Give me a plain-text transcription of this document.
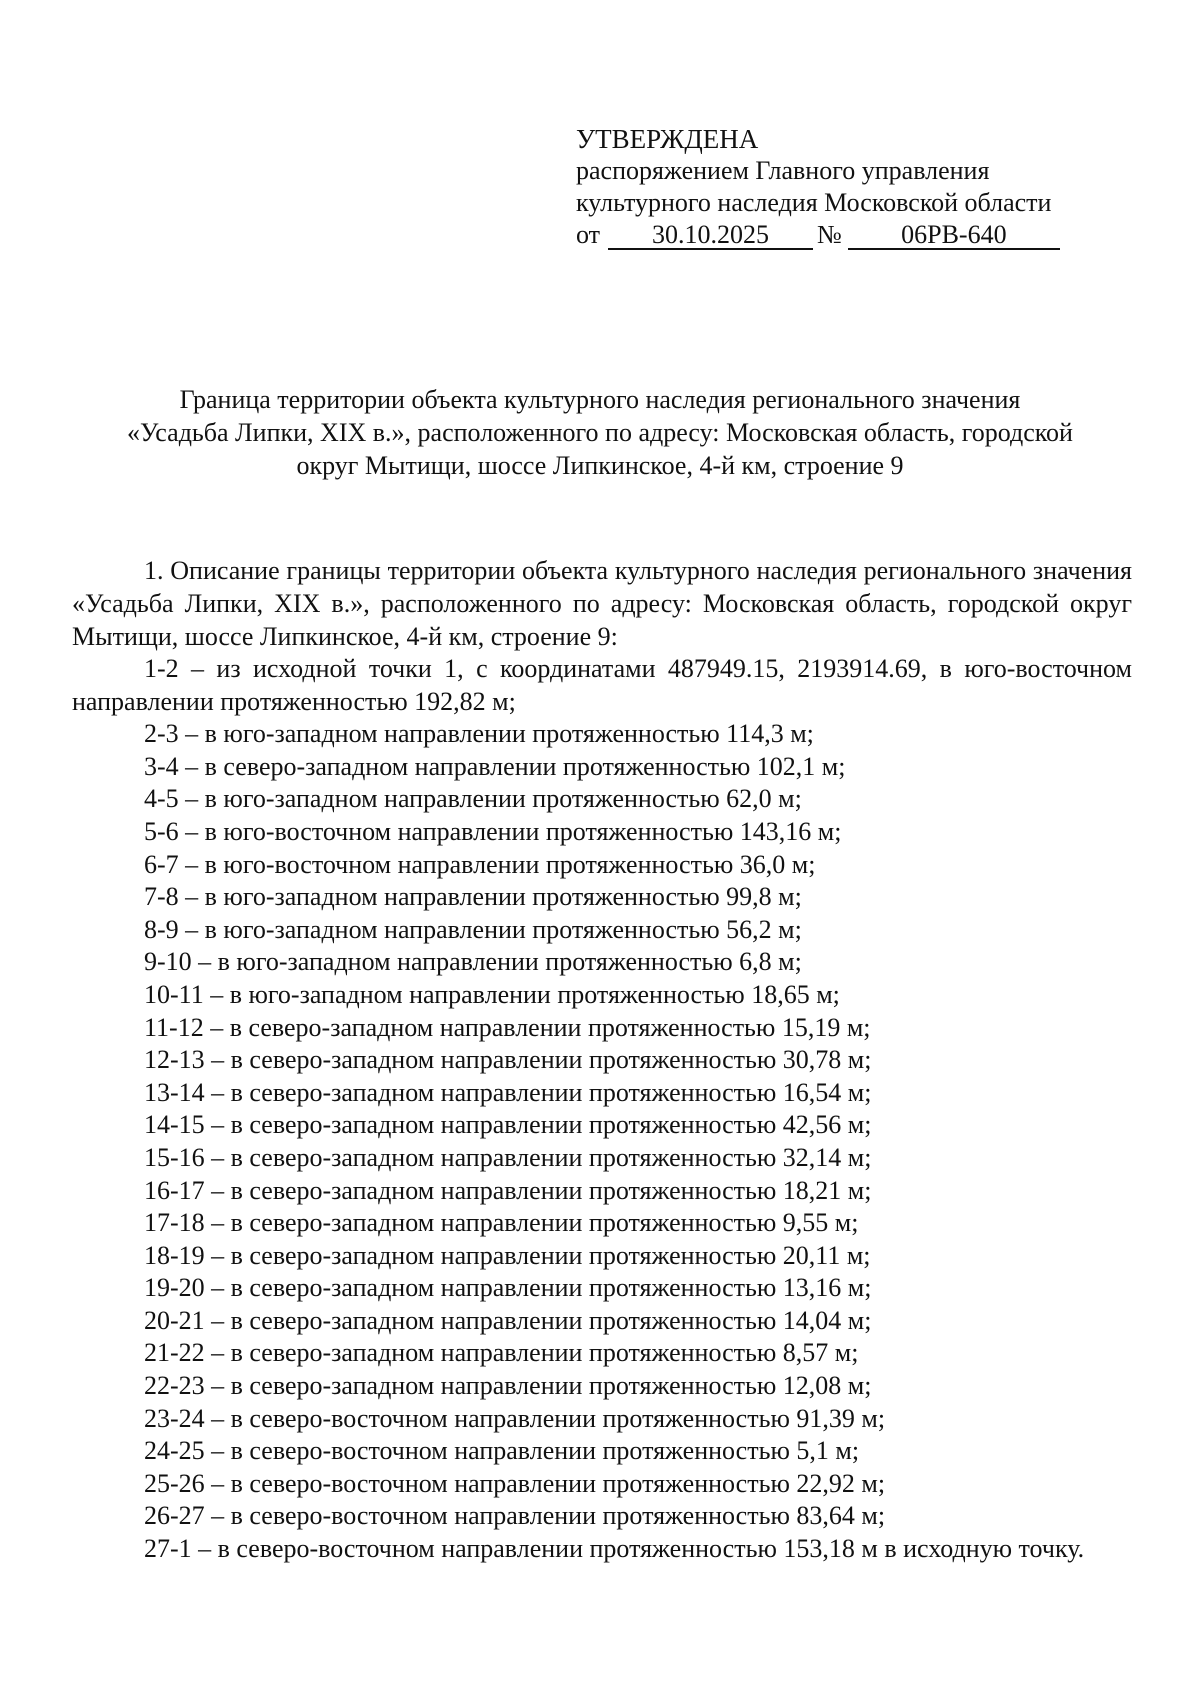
УТВЕРЖДЕНА
распоряжением Главного управления
культурного наследия Московской области
от 30.10.2025 № 06РВ-640
Граница территории объекта культурного наследия регионального значения
«Усадьба Липки, XIX в.», расположенного по адресу: Московская область, городской
округ Мытищи, шоссе Липкинское, 4-й км, строение 9

1. Описание границы территории объекта культурного наследия регионального значения «Усадьба Липки, XIX в.», расположенного по адресу: Московская область, городской округ Мытищи, шоссе Липкинское, 4-й км, строение 9:

1-2 – из исходной точки 1, с координатами 487949.15, 2193914.69, в юго-восточном направлении протяженностью 192,82 м;
2-3 – в юго-западном направлении протяженностью 114,3 м;
3-4 – в северо-западном направлении протяженностью 102,1 м;
4-5 – в юго-западном направлении протяженностью 62,0 м;
5-6 – в юго-восточном направлении протяженностью 143,16 м;
6-7 – в юго-восточном направлении протяженностью 36,0 м;
7-8 – в юго-западном направлении протяженностью 99,8 м;
8-9 – в юго-западном направлении протяженностью 56,2 м;
9-10 – в юго-западном направлении протяженностью 6,8 м;
10-11 – в юго-западном направлении протяженностью 18,65 м;
11-12 – в северо-западном направлении протяженностью 15,19 м;
12-13 – в северо-западном направлении протяженностью 30,78 м;
13-14 – в северо-западном направлении протяженностью 16,54 м;
14-15 – в северо-западном направлении протяженностью 42,56 м;
15-16 – в северо-западном направлении протяженностью 32,14 м;
16-17 – в северо-западном направлении протяженностью 18,21 м;
17-18 – в северо-западном направлении протяженностью 9,55 м;
18-19 – в северо-западном направлении протяженностью 20,11 м;
19-20 – в северо-западном направлении протяженностью 13,16 м;
20-21 – в северо-западном направлении протяженностью 14,04 м;
21-22 – в северо-западном направлении протяженностью 8,57 м;
22-23 – в северо-западном направлении протяженностью 12,08 м;
23-24 – в северо-восточном направлении протяженностью 91,39 м;
24-25 – в северо-восточном направлении протяженностью 5,1 м;
25-26 – в северо-восточном направлении протяженностью 22,92 м;
26-27 – в северо-восточном направлении протяженностью 83,64 м;
27-1 – в северо-восточном направлении протяженностью 153,18 м в исходную точку.
